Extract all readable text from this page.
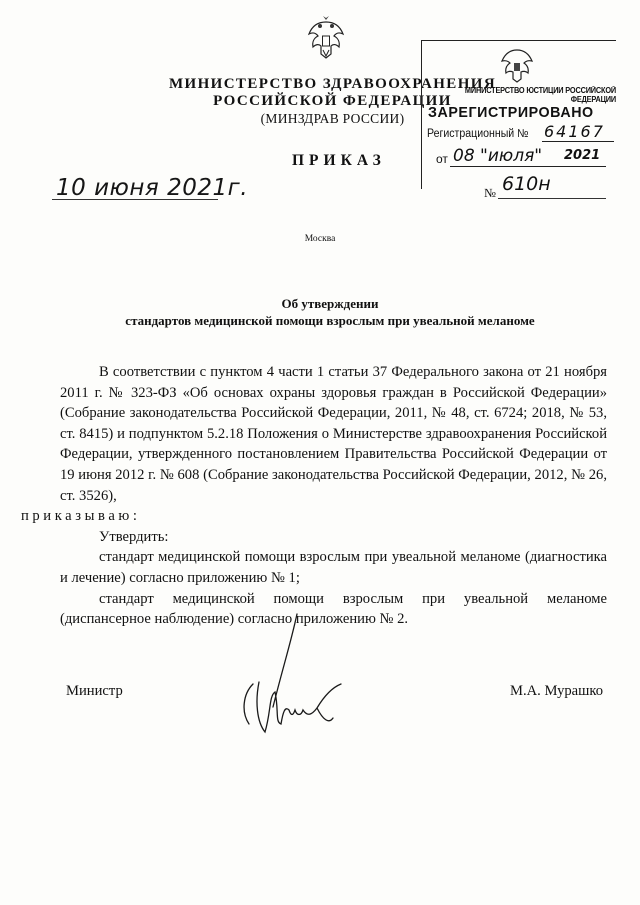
МИНИСТЕРСТВО ЗДРАВООХРАНЕНИЯ
РОССИЙСКОЙ ФЕДЕРАЦИИ
(МИНЗДРАВ РОССИИ)
МИНИСТЕРСТВО ЮСТИЦИИ РОССИЙСКОЙ ФЕДЕРАЦИИ
ЗАРЕГИСТРИРОВАНО
Регистрационный № 64167
от 08 "июля" 2021
ПРИКАЗ
10 июня 2021г.	№ 610н
Москва
Об утверждении
стандартов медицинской помощи взрослым при увеальной меланоме

В соответствии с пунктом 4 части 1 статьи 37 Федерального закона от 21 ноября 2011 г. № 323-ФЗ «Об основах охраны здоровья граждан в Российской Федерации» (Собрание законодательства Российской Федерации, 2011, № 48, ст. 6724; 2018, № 53, ст. 8415) и подпунктом 5.2.18 Положения о Министерстве здравоохранения Российской Федерации, утвержденного постановлением Правительства Российской Федерации от 19 июня 2012 г. № 608 (Собрание законодательства Российской Федерации, 2012, № 26, ст. 3526),
приказываю:

Утвердить:

стандарт медицинской помощи взрослым при увеальной меланоме (диагностика и лечение) согласно приложению № 1;

стандарт медицинской помощи взрослым при увеальной меланоме (диспансерное наблюдение) согласно приложению № 2.

Министр	М.А. Мурашко
